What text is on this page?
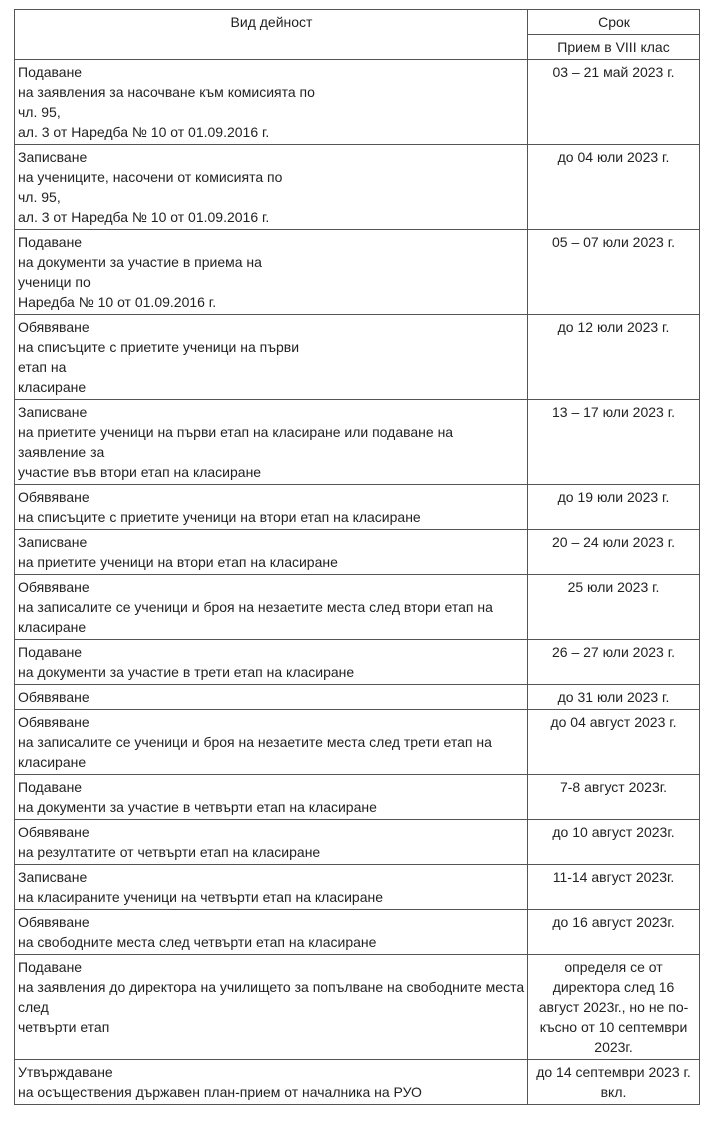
Вид дейност	Срок
	Прием в VIII клас

Подаване
на заявления за насочване към комисията по
чл. 95,
ал. 3 от Наредба № 10 от 01.09.2016 г.	03 – 21 май 2023 г.

Записване
на учениците, насочени от комисията по
чл. 95,
ал. 3 от Наредба № 10 от 01.09.2016 г.	до 04 юли 2023 г.

Подаване
на документи за участие в приема на
ученици по
Наредба № 10 от 01.09.2016 г.	05 – 07 юли 2023 г.

Обявяване
на списъците с приетите ученици на първи
етап на
класиране	до 12 юли 2023 г.

Записване
на приетите ученици на първи етап на класиране или подаване на заявление за
участие във втори етап на класиране	13 – 17 юли 2023 г.

Обявяване
на списъците с приетите ученици на втори етап на класиране	до 19 юли 2023 г.

Записване
на приетите ученици на втори етап на класиране	20 – 24 юли 2023 г.

Обявяване
на записалите се ученици и броя на незаетите места след втори етап на класиране	25 юли 2023 г.

Подаване
на документи за участие в трети етап на класиране	26 – 27 юли 2023 г.

Обявяване	до 31 юли 2023 г.

Обявяване
на записалите се ученици и броя на незаетите места след трети етап на класиране	до 04 август 2023 г.

Подаване
на документи за участие в четвърти етап на класиране	7-8 август 2023г.

Обявяване
на резултатите от четвърти етап на класиране	до 10 август 2023г.

Записване
на класираните ученици на четвърти етап на класиране	11-14 август 2023г.

Обявяване
на свободните места след четвърти етап на класиране	до 16 август 2023г.

Подаване
на заявления до директора на училището за попълване на свободните места след
четвърти етап	определя се от директора след 16 август 2023г., но не по-късно от 10 септември 2023г.

Утвърждаване
на осъществения държавен план-прием от началника на РУО	до 14 септември 2023 г. вкл.
